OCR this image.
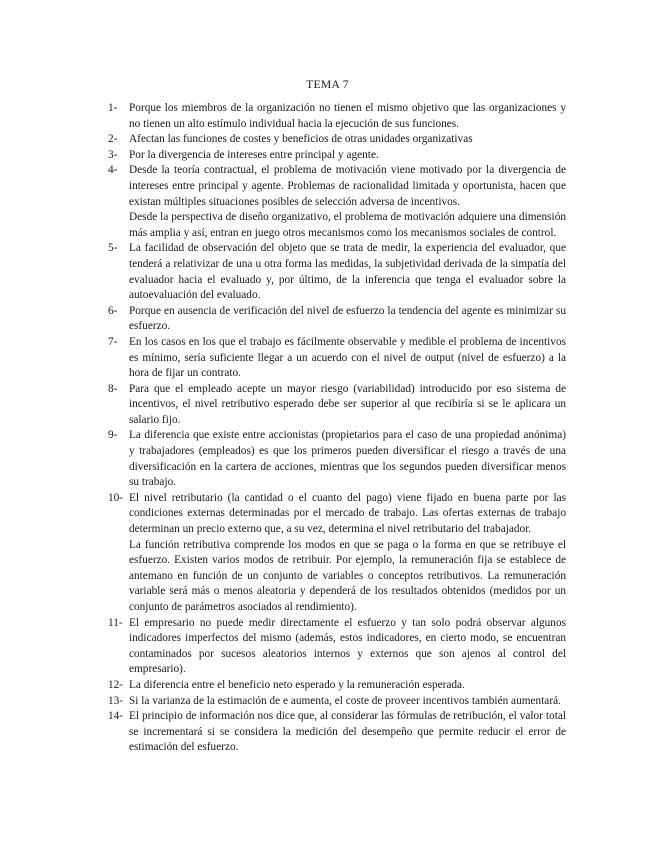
TEMA 7
1-	Porque los miembros de la organización no tienen el mismo objetivo que las organizaciones y no tienen un alto estímulo individual hacia la ejecución de sus funciones.

2-	Afectan las funciones de costes y beneficios de otras unidades organizativas

3-	Por la divergencia de intereses entre principal y agente.

4-	Desde la teoría contractual, el problema de motivación viene motivado por la divergencia de intereses entre principal y agente. Problemas de racionalidad limitada y oportunista, hacen que existan múltiples situaciones posibles de selección adversa de incentivos.

Desde la perspectiva de diseño organizativo, el problema de motivación adquiere una dimensión más amplia y así, entran en juego otros mecanismos como los mecanismos sociales de control.

5-	La facilidad de observación del objeto que se trata de medir, la experiencia del evaluador, que tenderá a relativizar de una u otra forma las medidas, la subjetividad derivada de la simpatía del evaluador hacia el evaluado y, por último, de la inferencia que tenga el evaluador sobre la autoevaluación del evaluado.

6-	Porque en ausencia de verificación del nivel de esfuerzo la tendencia del agente es minimizar su esfuerzo.

7-	En los casos en los que el trabajo es fácilmente observable y medible el problema de incentivos es mínimo, sería suficiente llegar a un acuerdo con el nivel de output (nivel de esfuerzo) a la hora de fijar un contrato.

8-	Para que el empleado acepte un mayor riesgo (variabilidad) introducido por eso sistema de incentivos, el nivel retributivo esperado debe ser superior al que recibiría si se le aplicara un salario fijo.

9-	La diferencia que existe entre accionistas (propietarios para el caso de una propiedad anónima) y trabajadores (empleados) es que los primeros pueden diversificar el riesgo a través de una diversificación en la cartera de acciones, mientras que los segundos pueden diversificar menos su trabajo.

10- El nivel retributario (la cantidad o el cuanto del pago) viene fijado en buena parte por las condiciones externas determinadas por el mercado de trabajo. Las ofertas externas de trabajo determinan un precio externo que, a su vez, determina el nivel retributario del trabajador.

La función retributiva comprende los modos en que se paga o la forma en que se retribuye el esfuerzo. Existen varios modos de retribuir. Por ejemplo, la remuneración fija se establece de antemano en función de un conjunto de variables o conceptos retributivos. La remuneración variable será más o menos aleatoria y dependerá de los resultados obtenidos (medidos por un conjunto de parámetros asociados al rendimiento).

11- El empresario no puede medir directamente el esfuerzo y tan solo podrá observar algunos indicadores imperfectos del mismo (además, estos indicadores, en cierto modo, se encuentran contaminados por sucesos aleatorios internos y externos que son ajenos al control del empresario).

12- La diferencia entre el beneficio neto esperado y la remuneración esperada.

13- Si la varianza de la estimación de e aumenta, el coste de proveer incentivos también aumentará.

14- El principio de información nos dice que, al considerar las fórmulas de retribución, el valor total se incrementará si se considera la medición del desempeño que permite reducir el error de estimación del esfuerzo.
